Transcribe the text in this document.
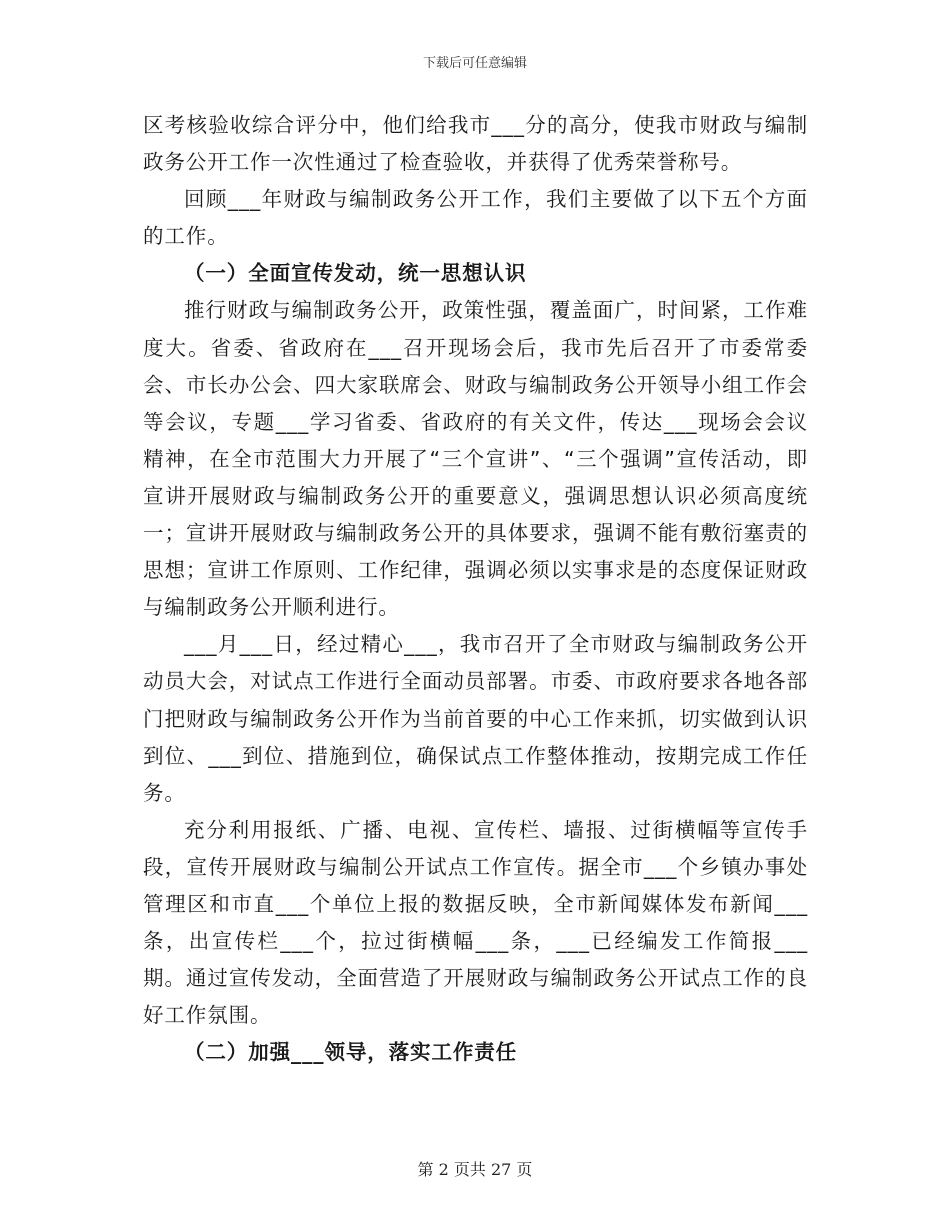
下载后可任意编辑

区考核验收综合评分中，他们给我市___分的高分，使我市财政与编制政务公开工作一次性通过了检查验收，并获得了优秀荣誉称号。

回顾___年财政与编制政务公开工作，我们主要做了以下五个方面的工作。

（一）全面宣传发动，统一思想认识

推行财政与编制政务公开，政策性强，覆盖面广，时间紧，工作难度大。省委、省政府在___召开现场会后，我市先后召开了市委常委会、市长办公会、四大家联席会、财政与编制政务公开领导小组工作会等会议，专题___学习省委、省政府的有关文件，传达___现场会会议精神，在全市范围大力开展了“三个宣讲”、“三个强调”宣传活动，即宣讲开展财政与编制政务公开的重要意义，强调思想认识必须高度统一；宣讲开展财政与编制政务公开的具体要求，强调不能有敷衍塞责的思想；宣讲工作原则、工作纪律，强调必须以实事求是的态度保证财政与编制政务公开顺利进行。

___月___日，经过精心___，我市召开了全市财政与编制政务公开动员大会，对试点工作进行全面动员部署。市委、市政府要求各地各部门把财政与编制政务公开作为当前首要的中心工作来抓，切实做到认识到位、___到位、措施到位，确保试点工作整体推动，按期完成工作任务。

充分利用报纸、广播、电视、宣传栏、墙报、过街横幅等宣传手段，宣传开展财政与编制公开试点工作宣传。据全市___个乡镇办事处管理区和市直___个单位上报的数据反映，全市新闻媒体发布新闻___条，出宣传栏___个，拉过街横幅___条，___已经编发工作简报___期。通过宣传发动，全面营造了开展财政与编制政务公开试点工作的良好工作氛围。

（二）加强___领导，落实工作责任

第 2 页共 27 页
